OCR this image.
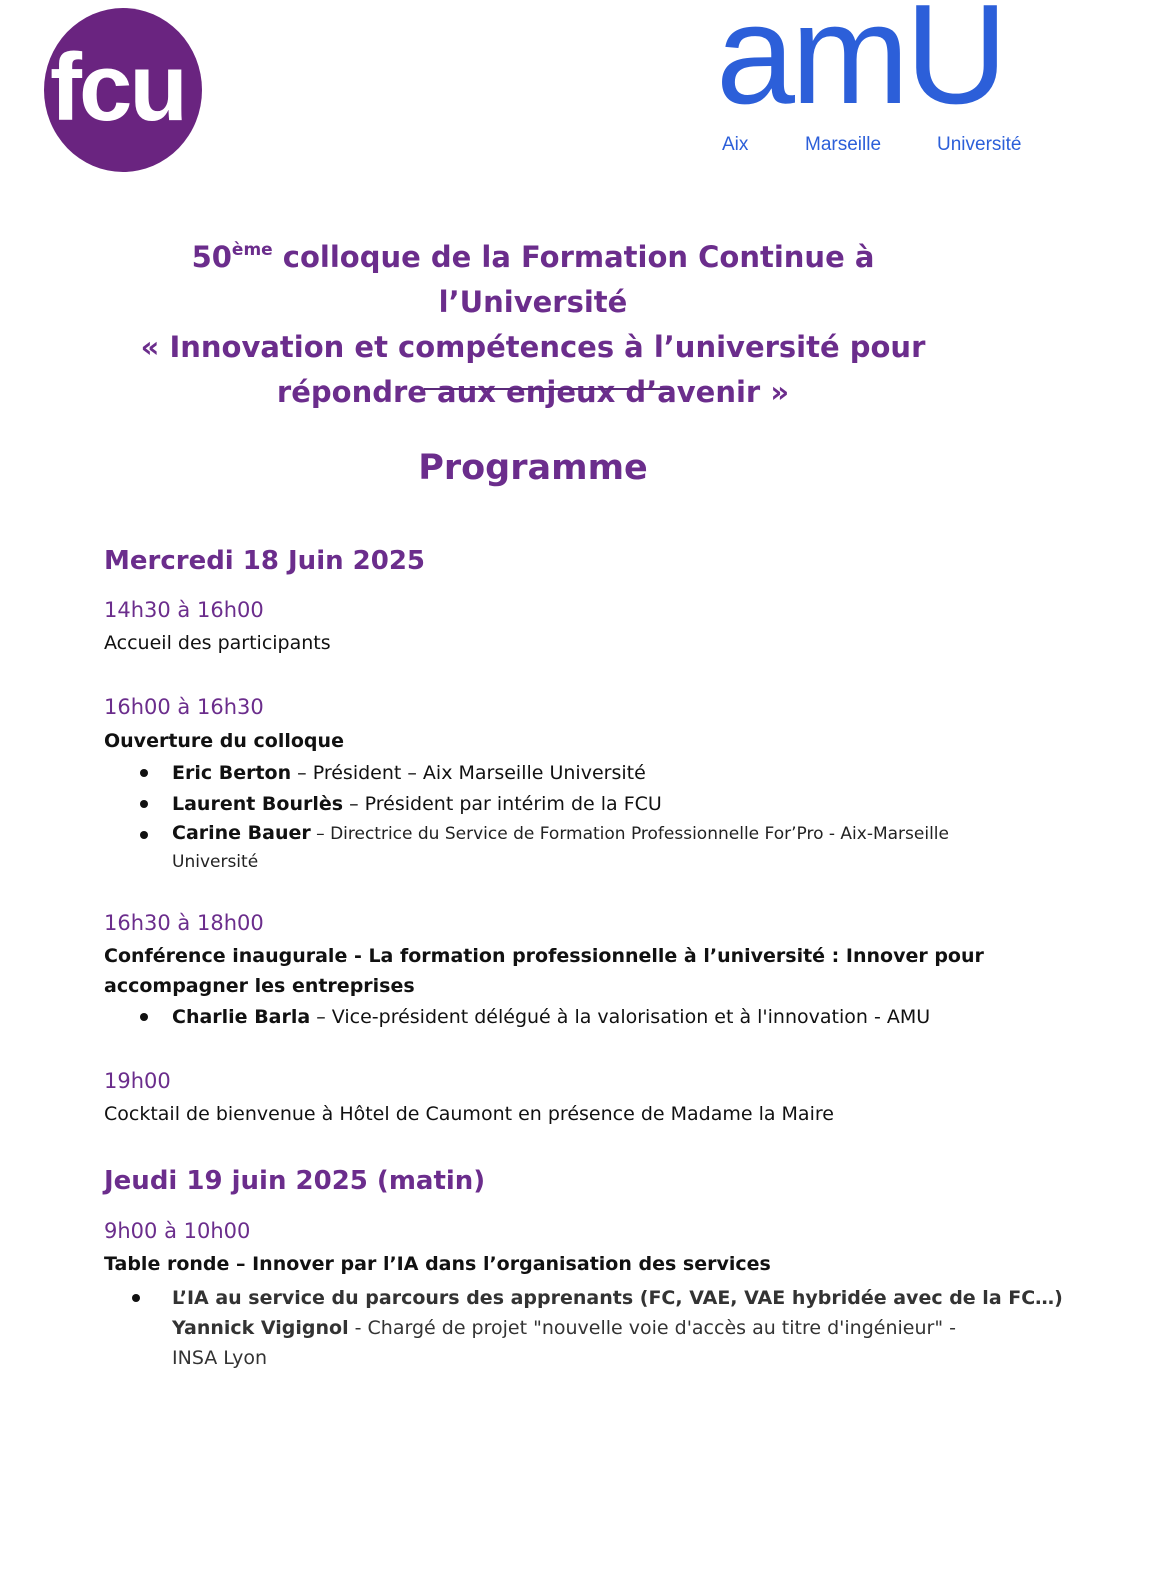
fcu	amU
Aix	Marseille	Université
50ème colloque de la Formation Continue à l’Université
« Innovation et compétences à l’université pour
répondre aux enjeux d’avenir »
Programme
Mercredi 18 Juin 2025
14h30 à 16h00
Accueil des participants
16h00 à 16h30
Ouverture du colloque
Eric Berton – Président – Aix Marseille Université
Laurent Bourlès – Président par intérim de la FCU
Carine Bauer – Directrice du Service de Formation Professionnelle For’Pro - Aix-Marseille
Université
16h30 à 18h00
Conférence inaugurale - La formation professionnelle à l’université : Innover pour
accompagner les entreprises
Charlie Barla – Vice-président délégué à la valorisation et à l'innovation - AMU
19h00
Cocktail de bienvenue à Hôtel de Caumont en présence de Madame la Maire
Jeudi 19 juin 2025 (matin)
9h00 à 10h00
Table ronde – Innover par l’IA dans l’organisation des services
L’IA au service du parcours des apprenants (FC, VAE, VAE hybridée avec de la FC…)
Yannick Vigignol - Chargé de projet "nouvelle voie d'accès au titre d'ingénieur" -
INSA Lyon
